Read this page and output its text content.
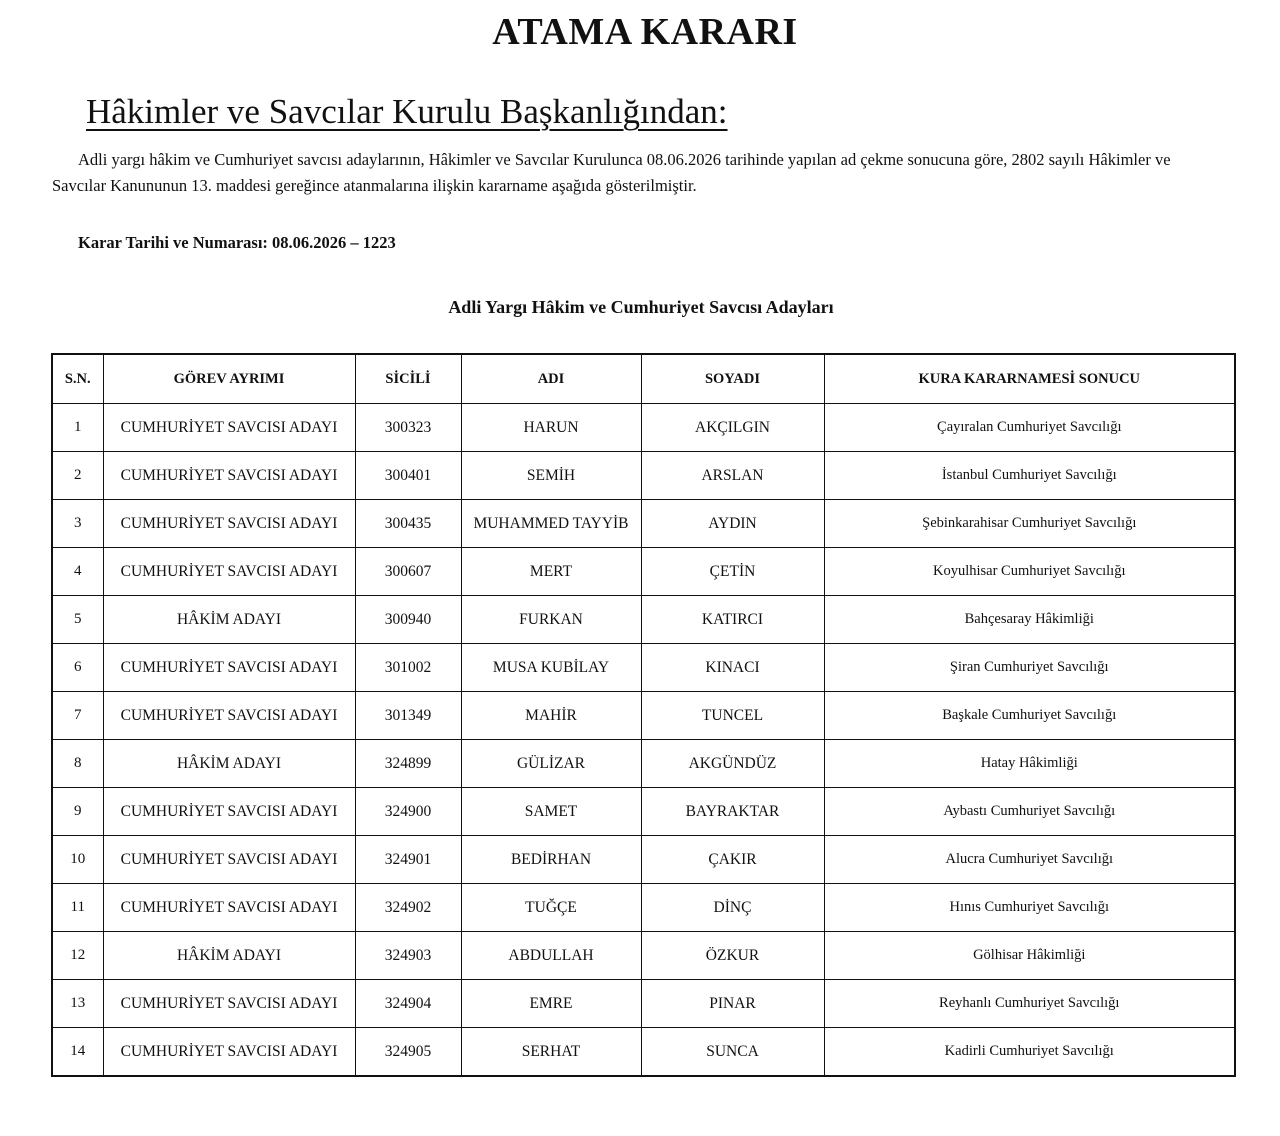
ATAMA KARARI
Hâkimler ve Savcılar Kurulu Başkanlığından:
Adli yargı hâkim ve Cumhuriyet savcısı adaylarının, Hâkimler ve Savcılar Kurulunca 08.06.2026 tarihinde yapılan ad çekme sonucuna göre, 2802 sayılı Hâkimler ve Savcılar Kanununun 13. maddesi gereğince atanmalarına ilişkin kararname aşağıda gösterilmiştir.
Karar Tarihi ve Numarası: 08.06.2026 – 1223
Adli Yargı Hâkim ve Cumhuriyet Savcısı Adayları
S.N.	GÖREV AYRIMI	SİCİLİ	ADI	SOYADI	KURA KARARNAMESİ SONUCU
1	CUMHURİYET SAVCISI ADAYI	300323	HARUN	AKÇILGIN	Çayıralan Cumhuriyet Savcılığı
2	CUMHURİYET SAVCISI ADAYI	300401	SEMİH	ARSLAN	İstanbul Cumhuriyet Savcılığı
3	CUMHURİYET SAVCISI ADAYI	300435	MUHAMMED TAYYİB	AYDIN	Şebinkarahisar Cumhuriyet Savcılığı
4	CUMHURİYET SAVCISI ADAYI	300607	MERT	ÇETİN	Koyulhisar Cumhuriyet Savcılığı
5	HÂKİM ADAYI	300940	FURKAN	KATIRCI	Bahçesaray Hâkimliği
6	CUMHURİYET SAVCISI ADAYI	301002	MUSA KUBİLAY	KINACI	Şiran Cumhuriyet Savcılığı
7	CUMHURİYET SAVCISI ADAYI	301349	MAHİR	TUNCEL	Başkale Cumhuriyet Savcılığı
8	HÂKİM ADAYI	324899	GÜLİZAR	AKGÜNDÜZ	Hatay Hâkimliği
9	CUMHURİYET SAVCISI ADAYI	324900	SAMET	BAYRAKTAR	Aybastı Cumhuriyet Savcılığı
10	CUMHURİYET SAVCISI ADAYI	324901	BEDİRHAN	ÇAKIR	Alucra Cumhuriyet Savcılığı
11	CUMHURİYET SAVCISI ADAYI	324902	TUĞÇE	DİNÇ	Hınıs Cumhuriyet Savcılığı
12	HÂKİM ADAYI	324903	ABDULLAH	ÖZKUR	Gölhisar Hâkimliği
13	CUMHURİYET SAVCISI ADAYI	324904	EMRE	PINAR	Reyhanlı Cumhuriyet Savcılığı
14	CUMHURİYET SAVCISI ADAYI	324905	SERHAT	SUNCA	Kadirli Cumhuriyet Savcılığı
